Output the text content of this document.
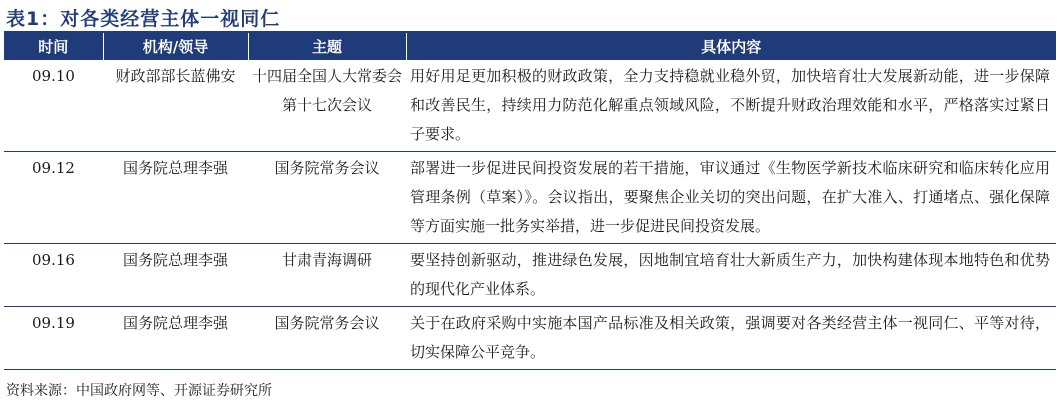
表1：对各类经营主体一视同仁
时间	机构/领导	主题	具体内容
09.10	财政部部长蓝佛安	十四届全国人大常委会第十七次会议	用好用足更加积极的财政政策，全力支持稳就业稳外贸，加快培育壮大发展新动能，进一步保障和改善民生，持续用力防范化解重点领域风险，不断提升财政治理效能和水平，严格落实过紧日子要求。
09.12	国务院总理李强	国务院常务会议	部署进一步促进民间投资发展的若干措施，审议通过《生物医学新技术临床研究和临床转化应用管理条例（草案）》。会议指出，要聚焦企业关切的突出问题，在扩大准入、打通堵点、强化保障等方面实施一批务实举措，进一步促进民间投资发展。
09.16	国务院总理李强	甘肃青海调研	要坚持创新驱动，推进绿色发展，因地制宜培育壮大新质生产力，加快构建体现本地特色和优势的现代化产业体系。
09.19	国务院总理李强	国务院常务会议	关于在政府采购中实施本国产品标准及相关政策，强调要对各类经营主体一视同仁、平等对待，切实保障公平竞争。
资料来源：中国政府网等、开源证券研究所
